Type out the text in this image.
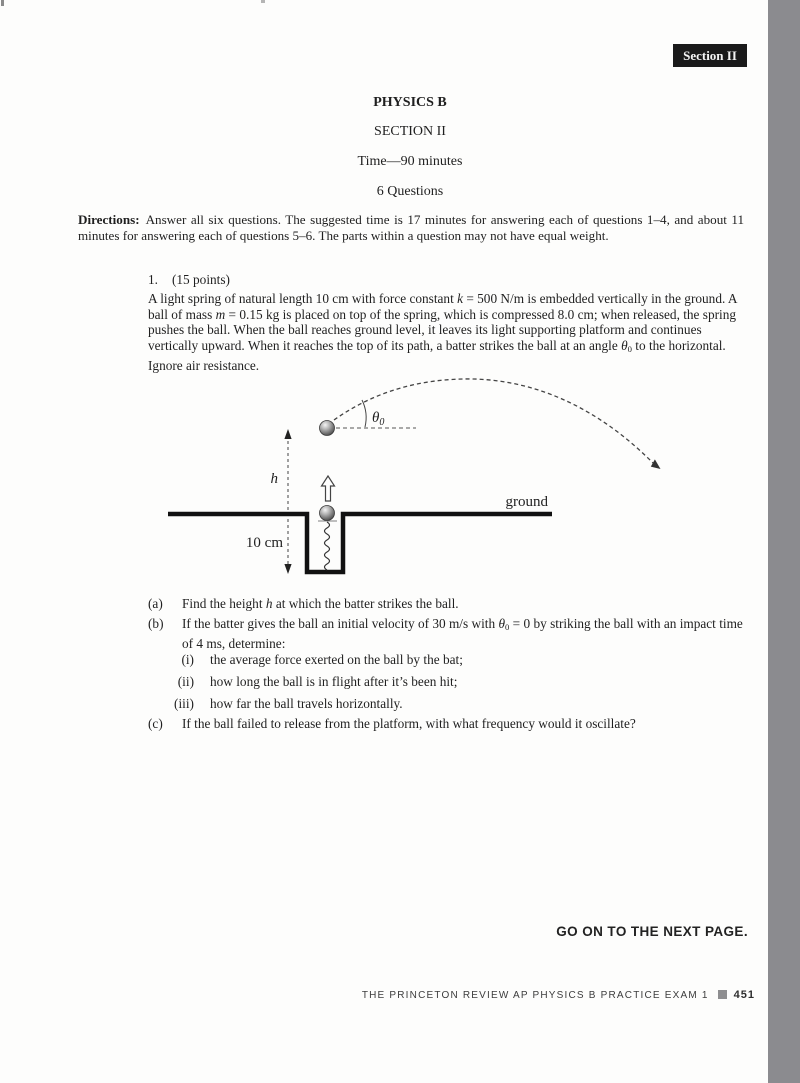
Section II
PHYSICS B
SECTION II
Time—90 minutes
6 Questions
Directions: Answer all six questions. The suggested time is 17 minutes for answering each of questions 1–4, and about 11 minutes for answering each of questions 5–6. The parts within a question may not have equal weight.
1. (15 points)
A light spring of natural length 10 cm with force constant k = 500 N/m is embedded vertically in the ground. A ball of mass m = 0.15 kg is placed on top of the spring, which is compressed 8.0 cm; when released, the spring pushes the ball. When the ball reaches ground level, it leaves its light supporting platform and continues vertically upward. When it reaches the top of its path, a batter strikes the ball at an angle $\theta_0$ to the horizontal. Ignore air resistance.
$\theta_0$
h
ground
10 cm
(a)	Find the height h at which the batter strikes the ball.
(b)	If the batter gives the ball an initial velocity of 30 m/s with $\theta_0 = 0$ by striking the ball with an impact time of 4 ms, determine:
(i) the average force exerted on the ball by the bat;
(ii) how long the ball is in flight after it’s been hit;
(iii) how far the ball travels horizontally.
(c)	If the ball failed to release from the platform, with what frequency would it oscillate?
GO ON TO THE NEXT PAGE.
THE PRINCETON REVIEW AP PHYSICS B PRACTICE EXAM 1 451
